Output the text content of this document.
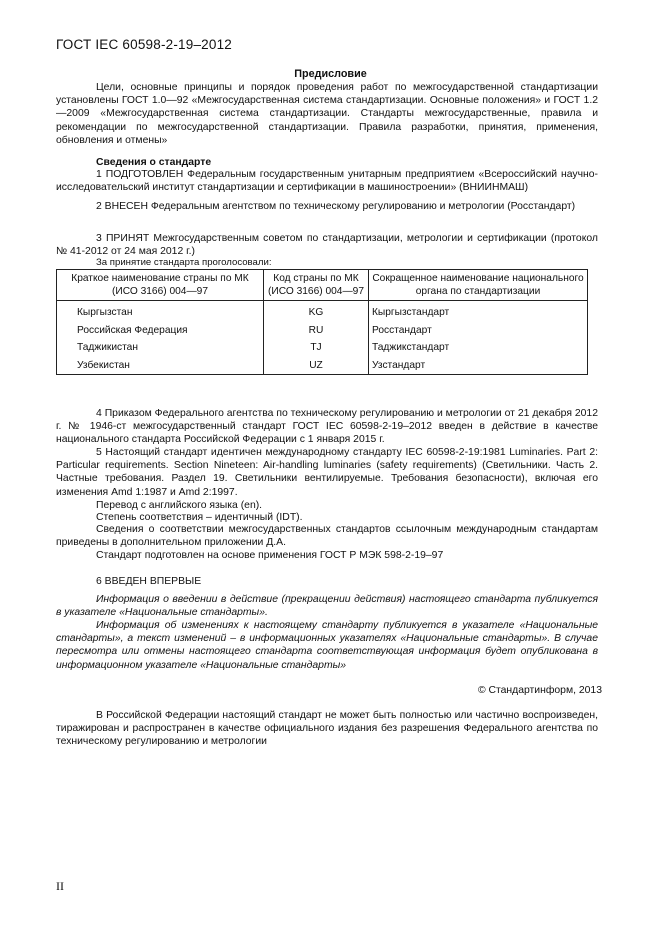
ГОСТ IEC 60598-2-19–2012
Предисловие

Цели, основные принципы и порядок проведения работ по межгосударственной стандартизации установлены ГОСТ 1.0—92 «Межгосударственная система стандартизации. Основные положения» и ГОСТ 1.2—2009 «Межгосударственная система стандартизации. Стандарты межгосударственные, правила и рекомендации по межгосударственной стандартизации. Правила разработки, принятия, применения, обновления и отмены»

Сведения о стандарте

1 ПОДГОТОВЛЕН Федеральным государственным унитарным предприятием «Всероссийский научно-исследовательский институт стандартизации и сертификации в машиностроении» (ВНИИНМАШ)

2 ВНЕСЕН Федеральным агентством по техническому регулированию и метрологии (Росстандарт)

3 ПРИНЯТ Межгосударственным советом по стандартизации, метрологии и сертификации (протокол № 41-2012 от 24 мая 2012 г.)

За принятие стандарта проголосовали:
Краткое наименование страны по МК (ИСО 3166) 004—97	Код страны по МК (ИСО 3166) 004—97	Сокращенное наименование национального органа по стандартизации
Кыргызстан	KG	Кыргызстандарт
Российская Федерация	RU	Росстандарт
Таджикистан	TJ	Таджикстандарт
Узбекистан	UZ	Узстандарт

4 Приказом Федерального агентства по техническому регулированию и метрологии от 21 декабря 2012 г. № 1946-ст межгосударственный стандарт ГОСТ IEC 60598-2-19–2012 введен в действие в качестве национального стандарта Российской Федерации с 1 января 2015 г.

5 Настоящий стандарт идентичен международному стандарту IEC 60598-2-19:1981 Luminaries. Part 2: Particular requirements. Section Nineteen: Air-handling luminaries (safety requirements) (Светильники. Часть 2. Частные требования. Раздел 19. Светильники вентилируемые. Требования безопасности), включая его изменения Amd 1:1987 и Amd 2:1997.

Перевод с английского языка (en).
Степень соответствия – идентичный (IDT).

Сведения о соответствии межгосударственных стандартов ссылочным международным стандартам приведены в дополнительном приложении Д.А.

Стандарт подготовлен на основе применения ГОСТ Р МЭК 598-2-19–97
6 ВВЕДЕН ВПЕРВЫЕ

Информация о введении в действие (прекращении действия) настоящего стандарта публикуется в указателе «Национальные стандарты».

Информация об изменениях к настоящему стандарту публикуется в указателе «Национальные стандарты», а текст изменений – в информационных указателях «Национальные стандарты». В случае пересмотра или отмены настоящего стандарта соответствующая информация будет опубликована в информационном указателе «Национальные стандарты»

© Стандартинформ, 2013

В Российской Федерации настоящий стандарт не может быть полностью или частично воспроизведен, тиражирован и распространен в качестве официального издания без разрешения Федерального агентства по техническому регулированию и метрологии

II
